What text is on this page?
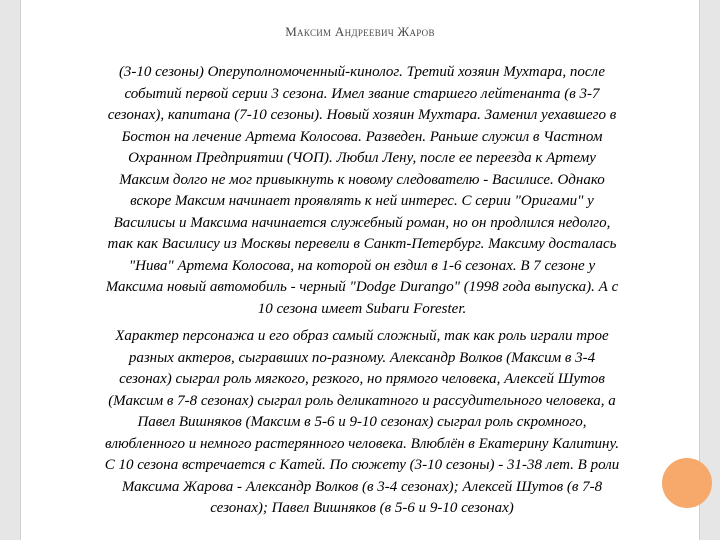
Максим Андреевич Жаров
(3-10 сезоны) Оперуполномоченный-кинолог. Третий хозяин Мухтара, после
событий первой серии 3 сезона. Имел звание старшего лейтенанта (в 3-7
сезонах), капитана (7-10 сезоны). Новый хозяин Мухтара. Заменил уехавшего в
Бостон на лечение Артема Колосова. Разведен. Раньше служил в Частном
Охранном Предприятии (ЧОП). Любил Лену, после ее переезда к Артему
Максим долго не мог привыкнуть к новому следователю - Василисе. Однако
вскоре Максим начинает проявлять к ней интерес. С серии "Оригами" у
Василисы и Максима начинается служебный роман, но он продлился недолго,
так как Василису из Москвы перевели в Санкт-Петербург. Максиму досталась
"Нива" Артема Колосова, на которой он ездил в 1-6 сезонах. В 7 сезоне у
Максима новый автомобиль - черный "Dodge Durango" (1998 года выпуска). А с
10 сезона имеет Subaru Forester.
Характер персонажа и его образ самый сложный, так как роль играли трое
разных актеров, сыгравших по-разному. Александр Волков (Максим в 3-4
сезонах) сыграл роль мягкого, резкого, но прямого человека, Алексей Шутов
(Максим в 7-8 сезонах) сыграл роль деликатного и рассудительного человека, а
Павел Вишняков (Максим в 5-6 и 9-10 сезонах) сыграл роль скромного,
влюбленного и немного растерянного человека. Влюблён в Екатерину Калитину.
С 10 сезона встречается с Катей. По сюжету (3-10 сезоны) - 31-38 лет. В роли
Максима Жарова - Александр Волков (в 3-4 сезонах); Алексей Шутов (в 7-8
сезонах); Павел Вишняков (в 5-6 и 9-10 сезонах)
